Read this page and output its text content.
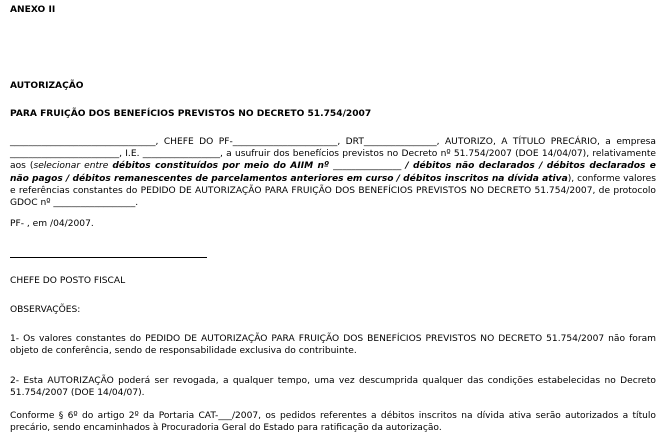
ANEXO II

AUTORIZAÇÃO

PARA FRUIÇÃO DOS BENEFÍCIOS PREVISTOS NO DECRETO 51.754/2007

________________________________, CHEFE DO PF-_______________________, DRT________________, AUTORIZO, A TÍTULO PRECÁRIO, a empresa ________________________, I.E. _________________, a usufruir dos benefícios previstos no Decreto nº 51.754/2007 (DOE 14/04/07), relativamente aos (selecionar entre débitos constituídos por meio do AIIM nº _______________ / débitos não declarados / débitos declarados e não pagos / débitos remanescentes de parcelamentos anteriores em curso / débitos inscritos na dívida ativa), conforme valores e referências constantes do PEDIDO DE AUTORIZAÇÃO PARA FRUIÇÃO DOS BENEFÍCIOS PREVISTOS NO DECRETO 51.754/2007, de protocolo GDOC nº __________________.

PF- , em /04/2007.

CHEFE DO POSTO FISCAL

OBSERVAÇÕES:

1- Os valores constantes do PEDIDO DE AUTORIZAÇÃO PARA FRUIÇÃO DOS BENEFÍCIOS PREVISTOS NO DECRETO 51.754/2007 não foram objeto de conferência, sendo de responsabilidade exclusiva do contribuinte.

2- Esta AUTORIZAÇÃO poderá ser revogada, a qualquer tempo, uma vez descumprida qualquer das condições estabelecidas no Decreto 51.754/2007 (DOE 14/04/07).

Conforme § 6º do artigo 2º da Portaria CAT-___/2007, os pedidos referentes a débitos inscritos na dívida ativa serão autorizados a título precário, sendo encaminhados à Procuradoria Geral do Estado para ratificação da autorização.
